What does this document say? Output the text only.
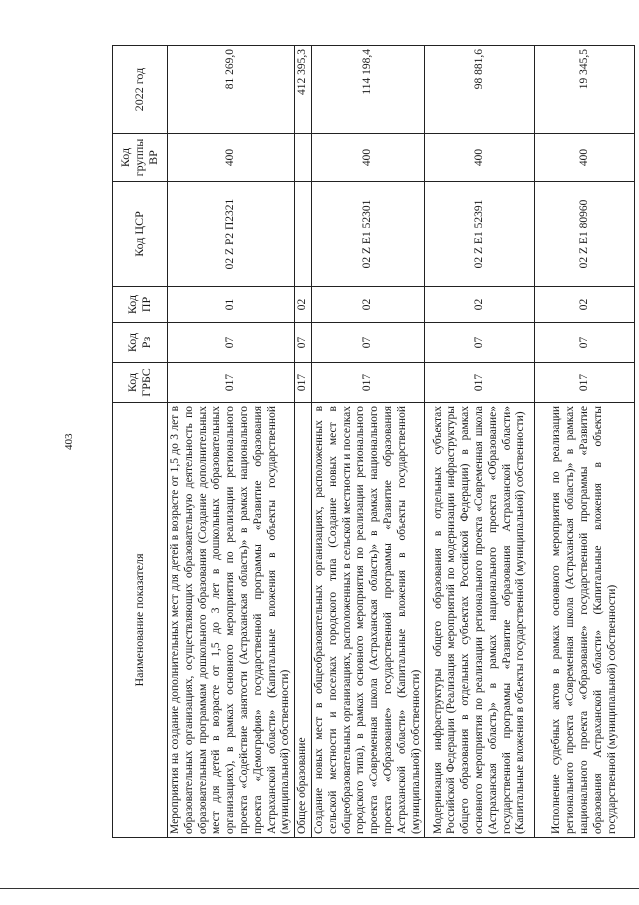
403
Наименование показателя	Код ГРБС	Код Рз	Код ПР	Код ЦСР	Код группы ВР	2022 год
Мероприятия на создание дополнительных мест для детей в возрасте от 1,5 до 3 лет в образовательных организациях, осуществляющих образовательную деятельность по образовательным программам дошкольного образования (Создание дополнительных мест для детей в возрасте от 1,5 до 3 лет в дошкольных образовательных организациях), в рамках основного мероприятия по реализации регионального проекта «Содействие занятости (Астраханская область)» в рамках национального проекта «Демография» государственной программы «Развитие образования Астраханской области» (Капитальные вложения в объекты государственной (муниципальной) собственности)	017	07	01	02 Z P2 П2321	400	81 269,0
Общее образование	017	07	02			412 395,3
Создание новых мест в общеобразовательных организациях, расположенных в сельской местности и поселках городского типа (Создание новых мест в общеобразовательных организациях, расположенных в сельской местности и поселках городского типа), в рамках основного мероприятия по реализации регионального проекта «Современная школа (Астраханская область)» в рамках национального проекта «Образование» государственной программы «Развитие образования Астраханской области» (Капитальные вложения в объекты государственной (муниципальной) собственности)	017	07	02	02 Z E1 52301	400	114 198,4
Модернизация инфраструктуры общего образования в отдельных субъектах Российской Федерации (Реализация мероприятий по модернизации инфраструктуры общего образования в отдельных субъектах Российской Федерации) в рамках основного мероприятия по реализации регионального проекта «Современная школа (Астраханская область)» в рамках национального проекта «Образование» государственной программы «Развитие образования Астраханской области» (Капитальные вложения в объекты государственной (муниципальной) собственности)	017	07	02	02 Z E1 52391	400	98 881,6
Исполнение судебных актов в рамках основного мероприятия по реализации регионального проекта «Современная школа (Астраханская область)» в рамках национального проекта «Образование» государственной программы «Развитие образования Астраханской области» (Капитальные вложения в объекты государственной (муниципальной) собственности)	017	07	02	02 Z E1 80960	400	19 345,5
